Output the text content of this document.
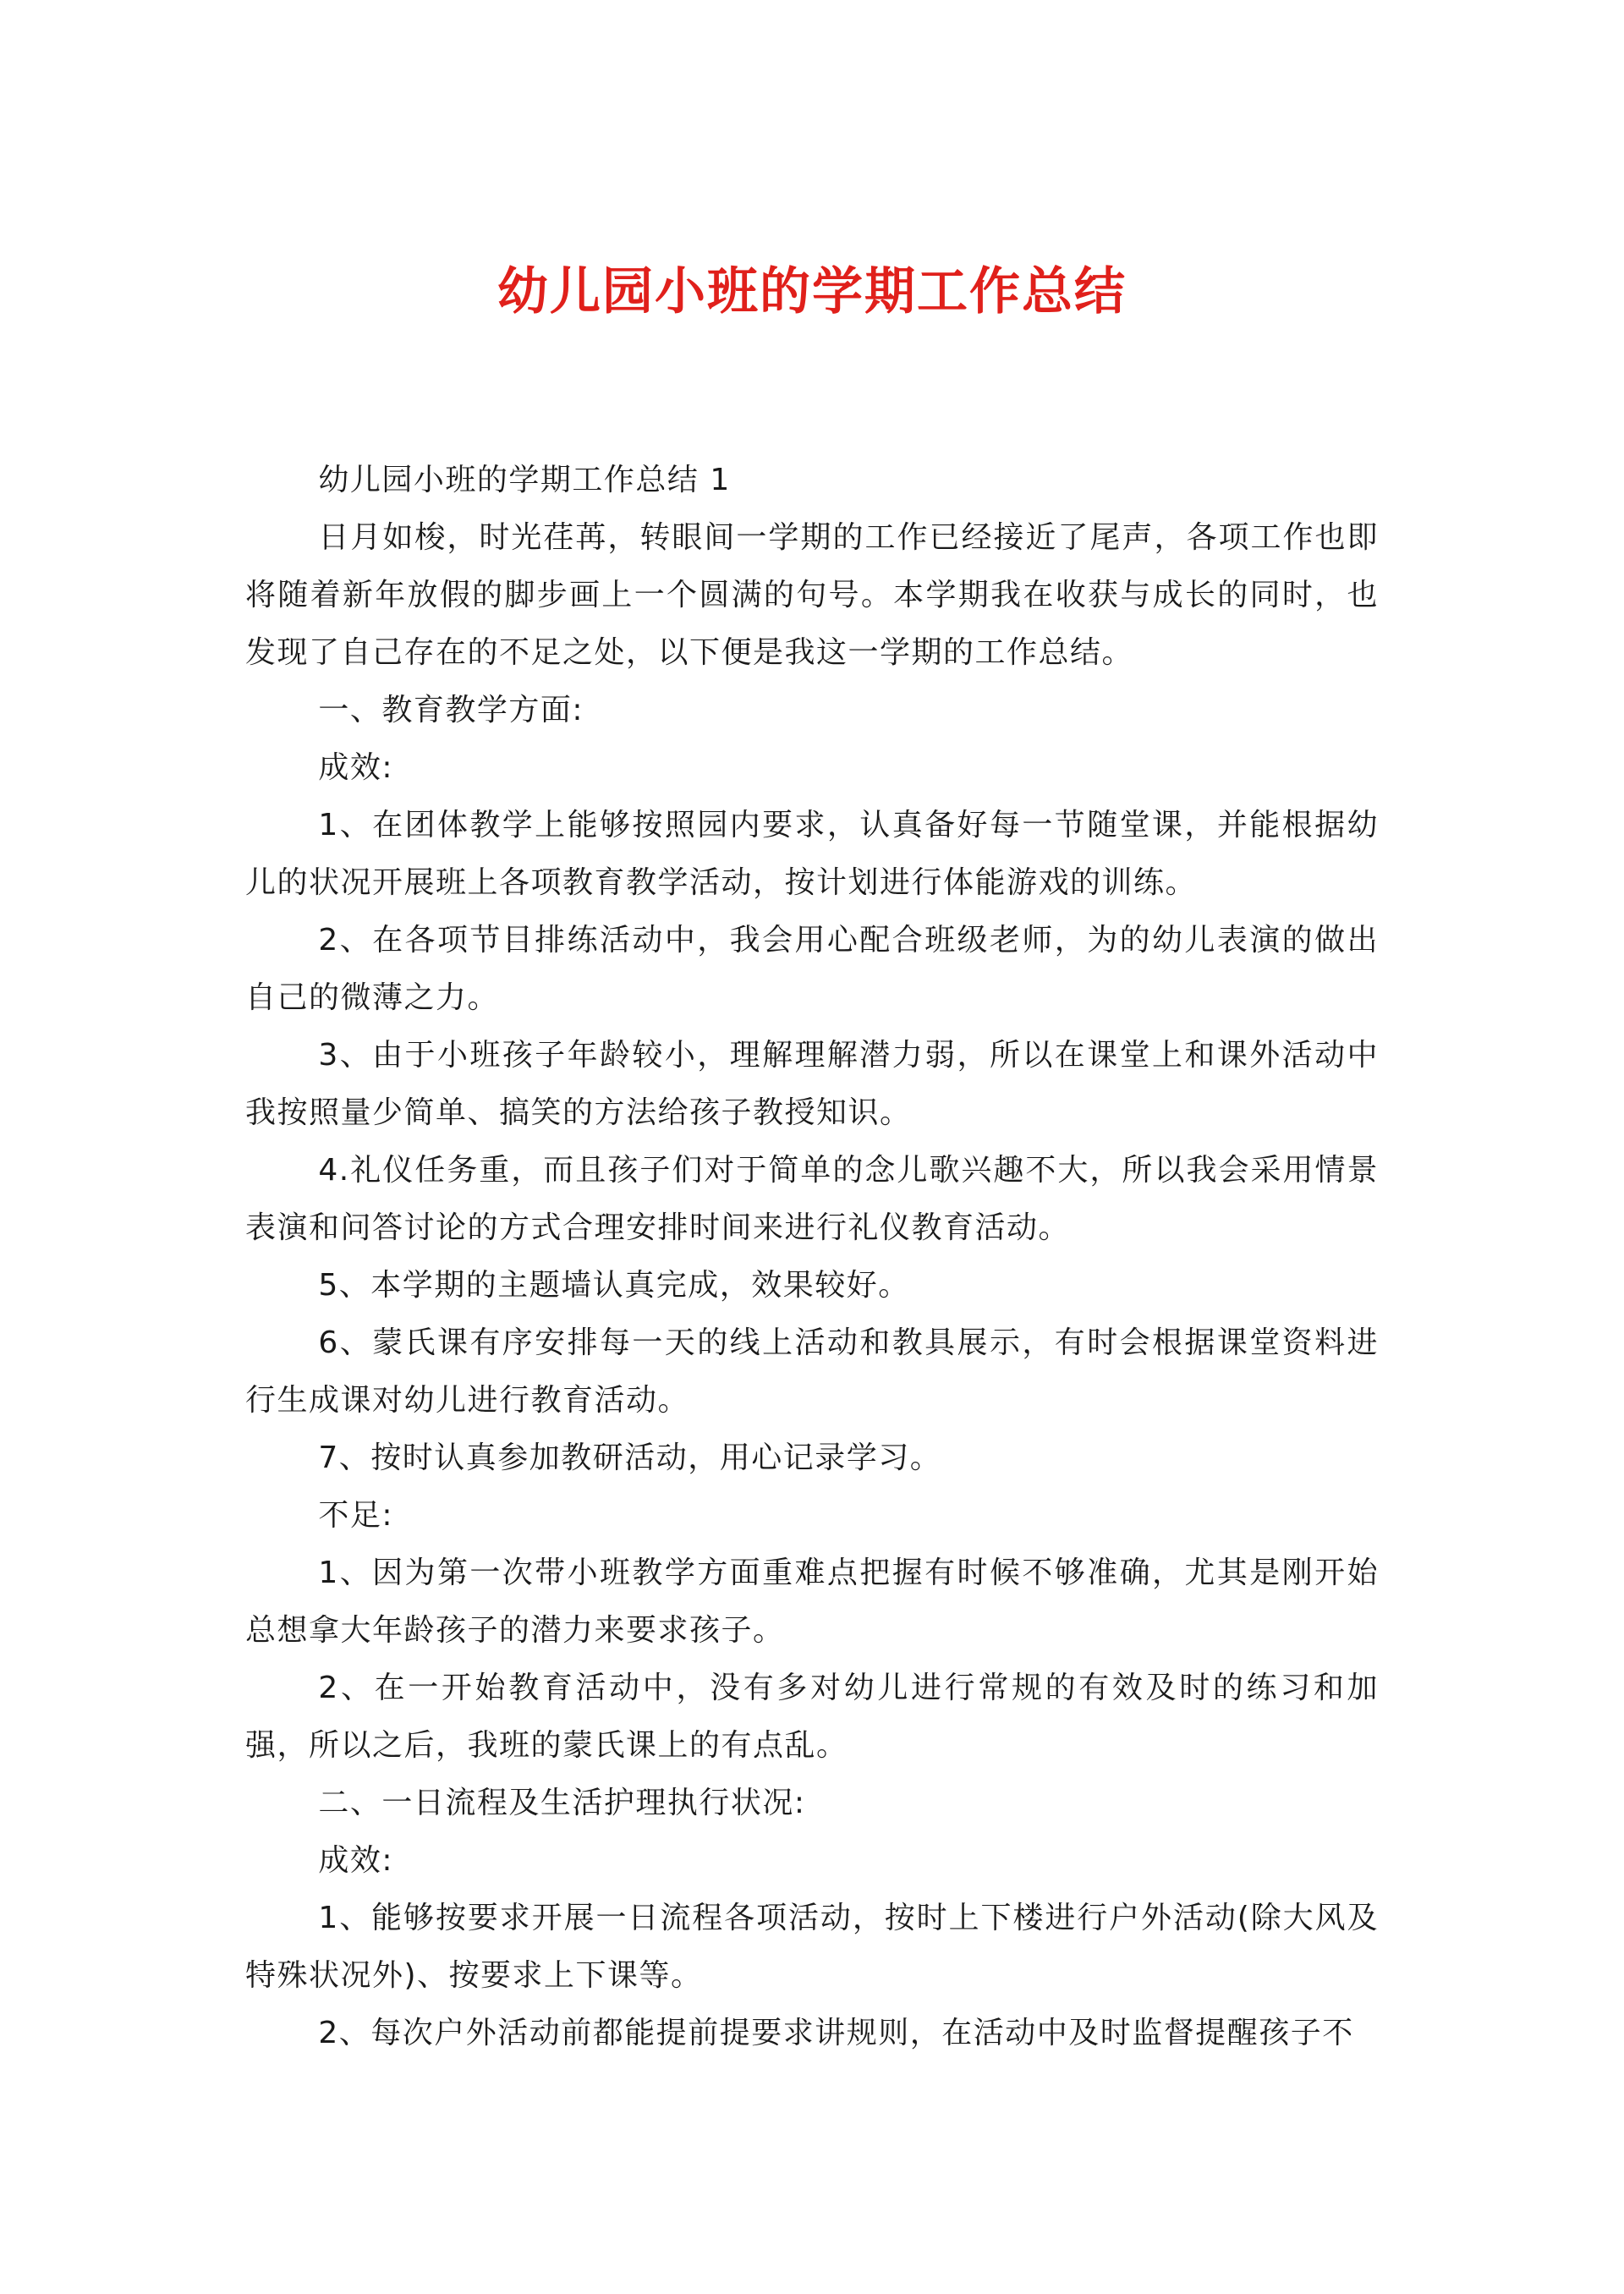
幼儿园小班的学期工作总结

幼儿园小班的学期工作总结 1

日月如梭，时光荏苒，转眼间一学期的工作已经接近了尾声，各项工作也即将随着新年放假的脚步画上一个圆满的句号。本学期我在收获与成长的同时，也发现了自己存在的不足之处，以下便是我这一学期的工作总结。

一、教育教学方面:

成效:

1、在团体教学上能够按照园内要求，认真备好每一节随堂课，并能根据幼儿的状况开展班上各项教育教学活动，按计划进行体能游戏的训练。

2、在各项节目排练活动中，我会用心配合班级老师，为的幼儿表演的做出自己的微薄之力。

3、由于小班孩子年龄较小，理解理解潜力弱，所以在课堂上和课外活动中我按照量少简单、搞笑的方法给孩子教授知识。

4.礼仪任务重，而且孩子们对于简单的念儿歌兴趣不大，所以我会采用情景表演和问答讨论的方式合理安排时间来进行礼仪教育活动。

5、本学期的主题墙认真完成，效果较好。

6、蒙氏课有序安排每一天的线上活动和教具展示，有时会根据课堂资料进行生成课对幼儿进行教育活动。

7、按时认真参加教研活动，用心记录学习。

不足:

1、因为第一次带小班教学方面重难点把握有时候不够准确，尤其是刚开始总想拿大年龄孩子的潜力来要求孩子。

2、在一开始教育活动中，没有多对幼儿进行常规的有效及时的练习和加强，所以之后，我班的蒙氏课上的有点乱。

二、一日流程及生活护理执行状况:

成效:

1、能够按要求开展一日流程各项活动，按时上下楼进行户外活动(除大风及特殊状况外)、按要求上下课等。

2、每次户外活动前都能提前提要求讲规则，在活动中及时监督提醒孩子不
